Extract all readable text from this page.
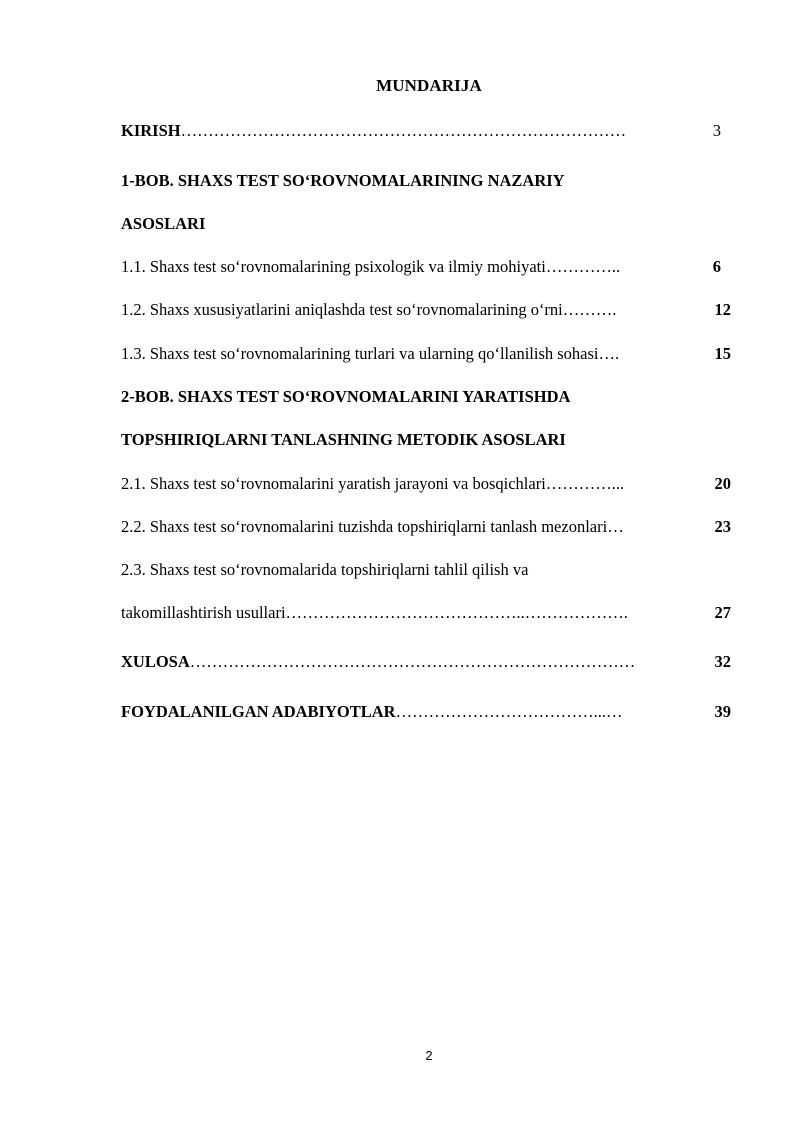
MUNDARIJA
KIRISH………………………………………………………………………	3
1-BOB. SHAXS TEST SO‘ROVNOMALARINING NAZARIY
ASOSLARI
1.1. Shaxs test so‘rovnomalarining psixologik va ilmiy mohiyati…………..	6
1.2. Shaxs xususiyatlarini aniqlashda test so‘rovnomalarining o‘rni……….	12
1.3. Shaxs test so‘rovnomalarining turlari va ularning qo‘llanilish sohasi….	15
2-BOB. SHAXS TEST SO‘ROVNOMALARINI YARATISHDA
TOPSHIRIQLARNI TANLASHNING METODIK ASOSLARI
2.1. Shaxs test so‘rovnomalarini yaratish jarayoni va bosqichlari…………...	20
2.2. Shaxs test so‘rovnomalarini tuzishda topshiriqlarni tanlash mezonlari…	23
2.3. Shaxs test so‘rovnomalarida topshiriqlarni tahlil qilish va
takomillashtirish usullari……………………………………..……………….	27
XULOSA………………………………………………………………………	32
FOYDALANILGAN ADABIYOTLAR………………………………...…	39
2
